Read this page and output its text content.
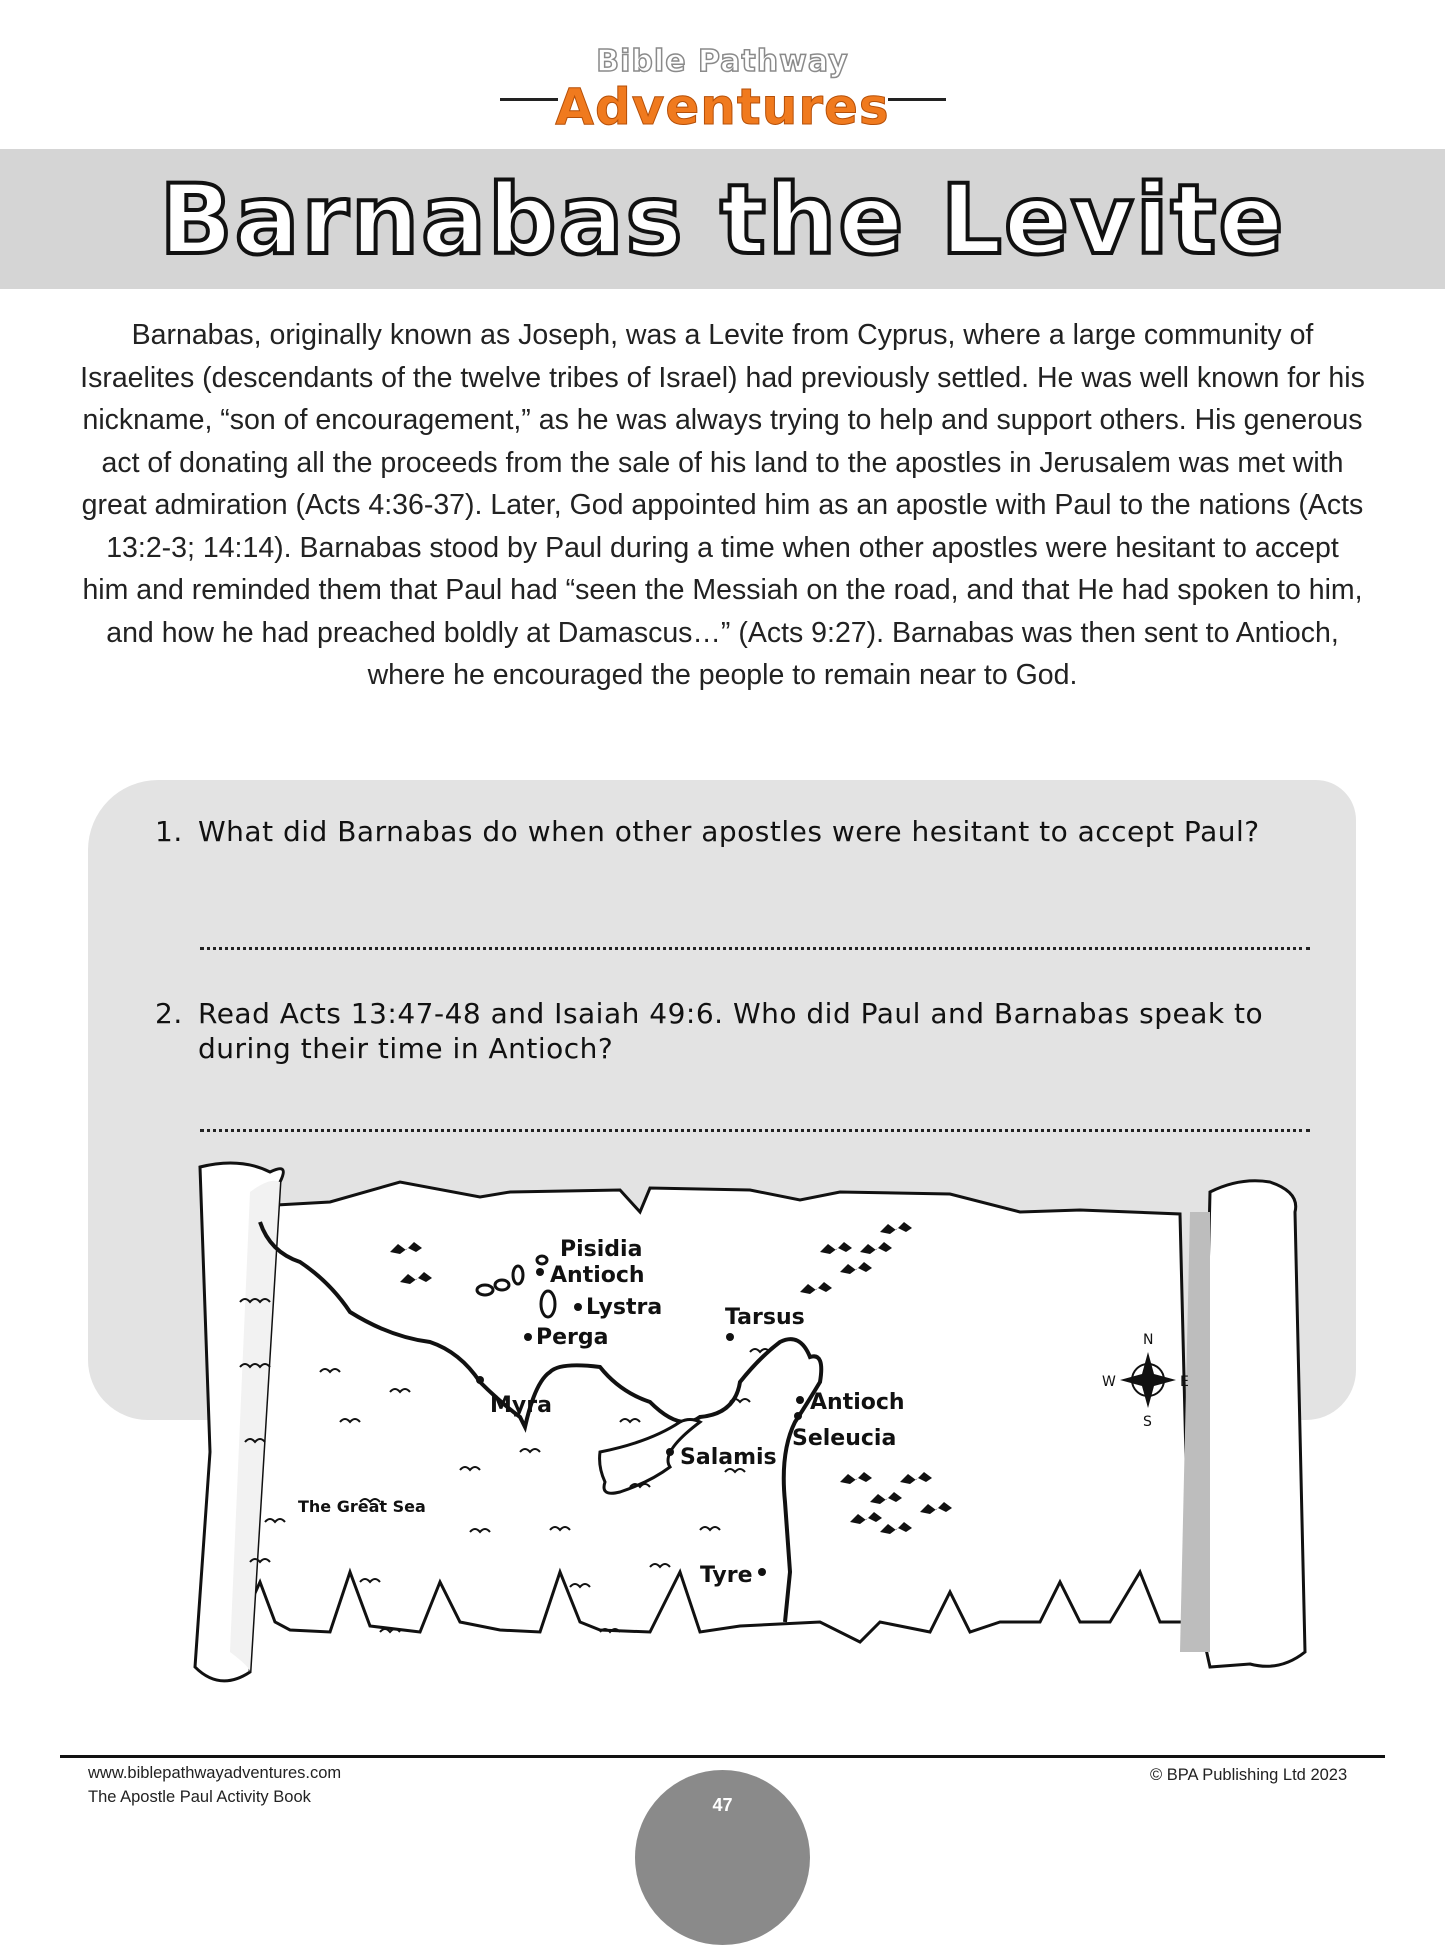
Bible Pathway
Adventures
Barnabas the Levite
Barnabas, originally known as Joseph, was a Levite from Cyprus, where a large community of Israelites (descendants of the twelve tribes of Israel) had previously settled. He was well known for his nickname, “son of encouragement,” as he was always trying to help and support others. His generous act of donating all the proceeds from the sale of his land to the apostles in Jerusalem was met with great admiration (Acts 4:36-37). Later, God appointed him as an apostle with Paul to the nations (Acts 13:2-3; 14:14). Barnabas stood by Paul during a time when other apostles were hesitant to accept him and reminded them that Paul had “seen the Messiah on the road, and that He had spoken to him, and how he had preached boldly at Damascus…” (Acts 9:27). Barnabas was then sent to Antioch, where he encouraged the people to remain near to God.
1. What did Barnabas do when other apostles were hesitant to accept Paul?
2. Read Acts 13:47-48 and Isaiah 49:6. Who did Paul and Barnabas speak to during their time in Antioch?
Pisidia
Antioch
Lystra
Perga
Myra
Tarsus
Antioch
Seleucia
Salamis
Tyre
The Great Sea
N
S
E
W
www.biblepathwayadventures.com
The Apostle Paul Activity Book
© BPA Publishing Ltd 2023
47
